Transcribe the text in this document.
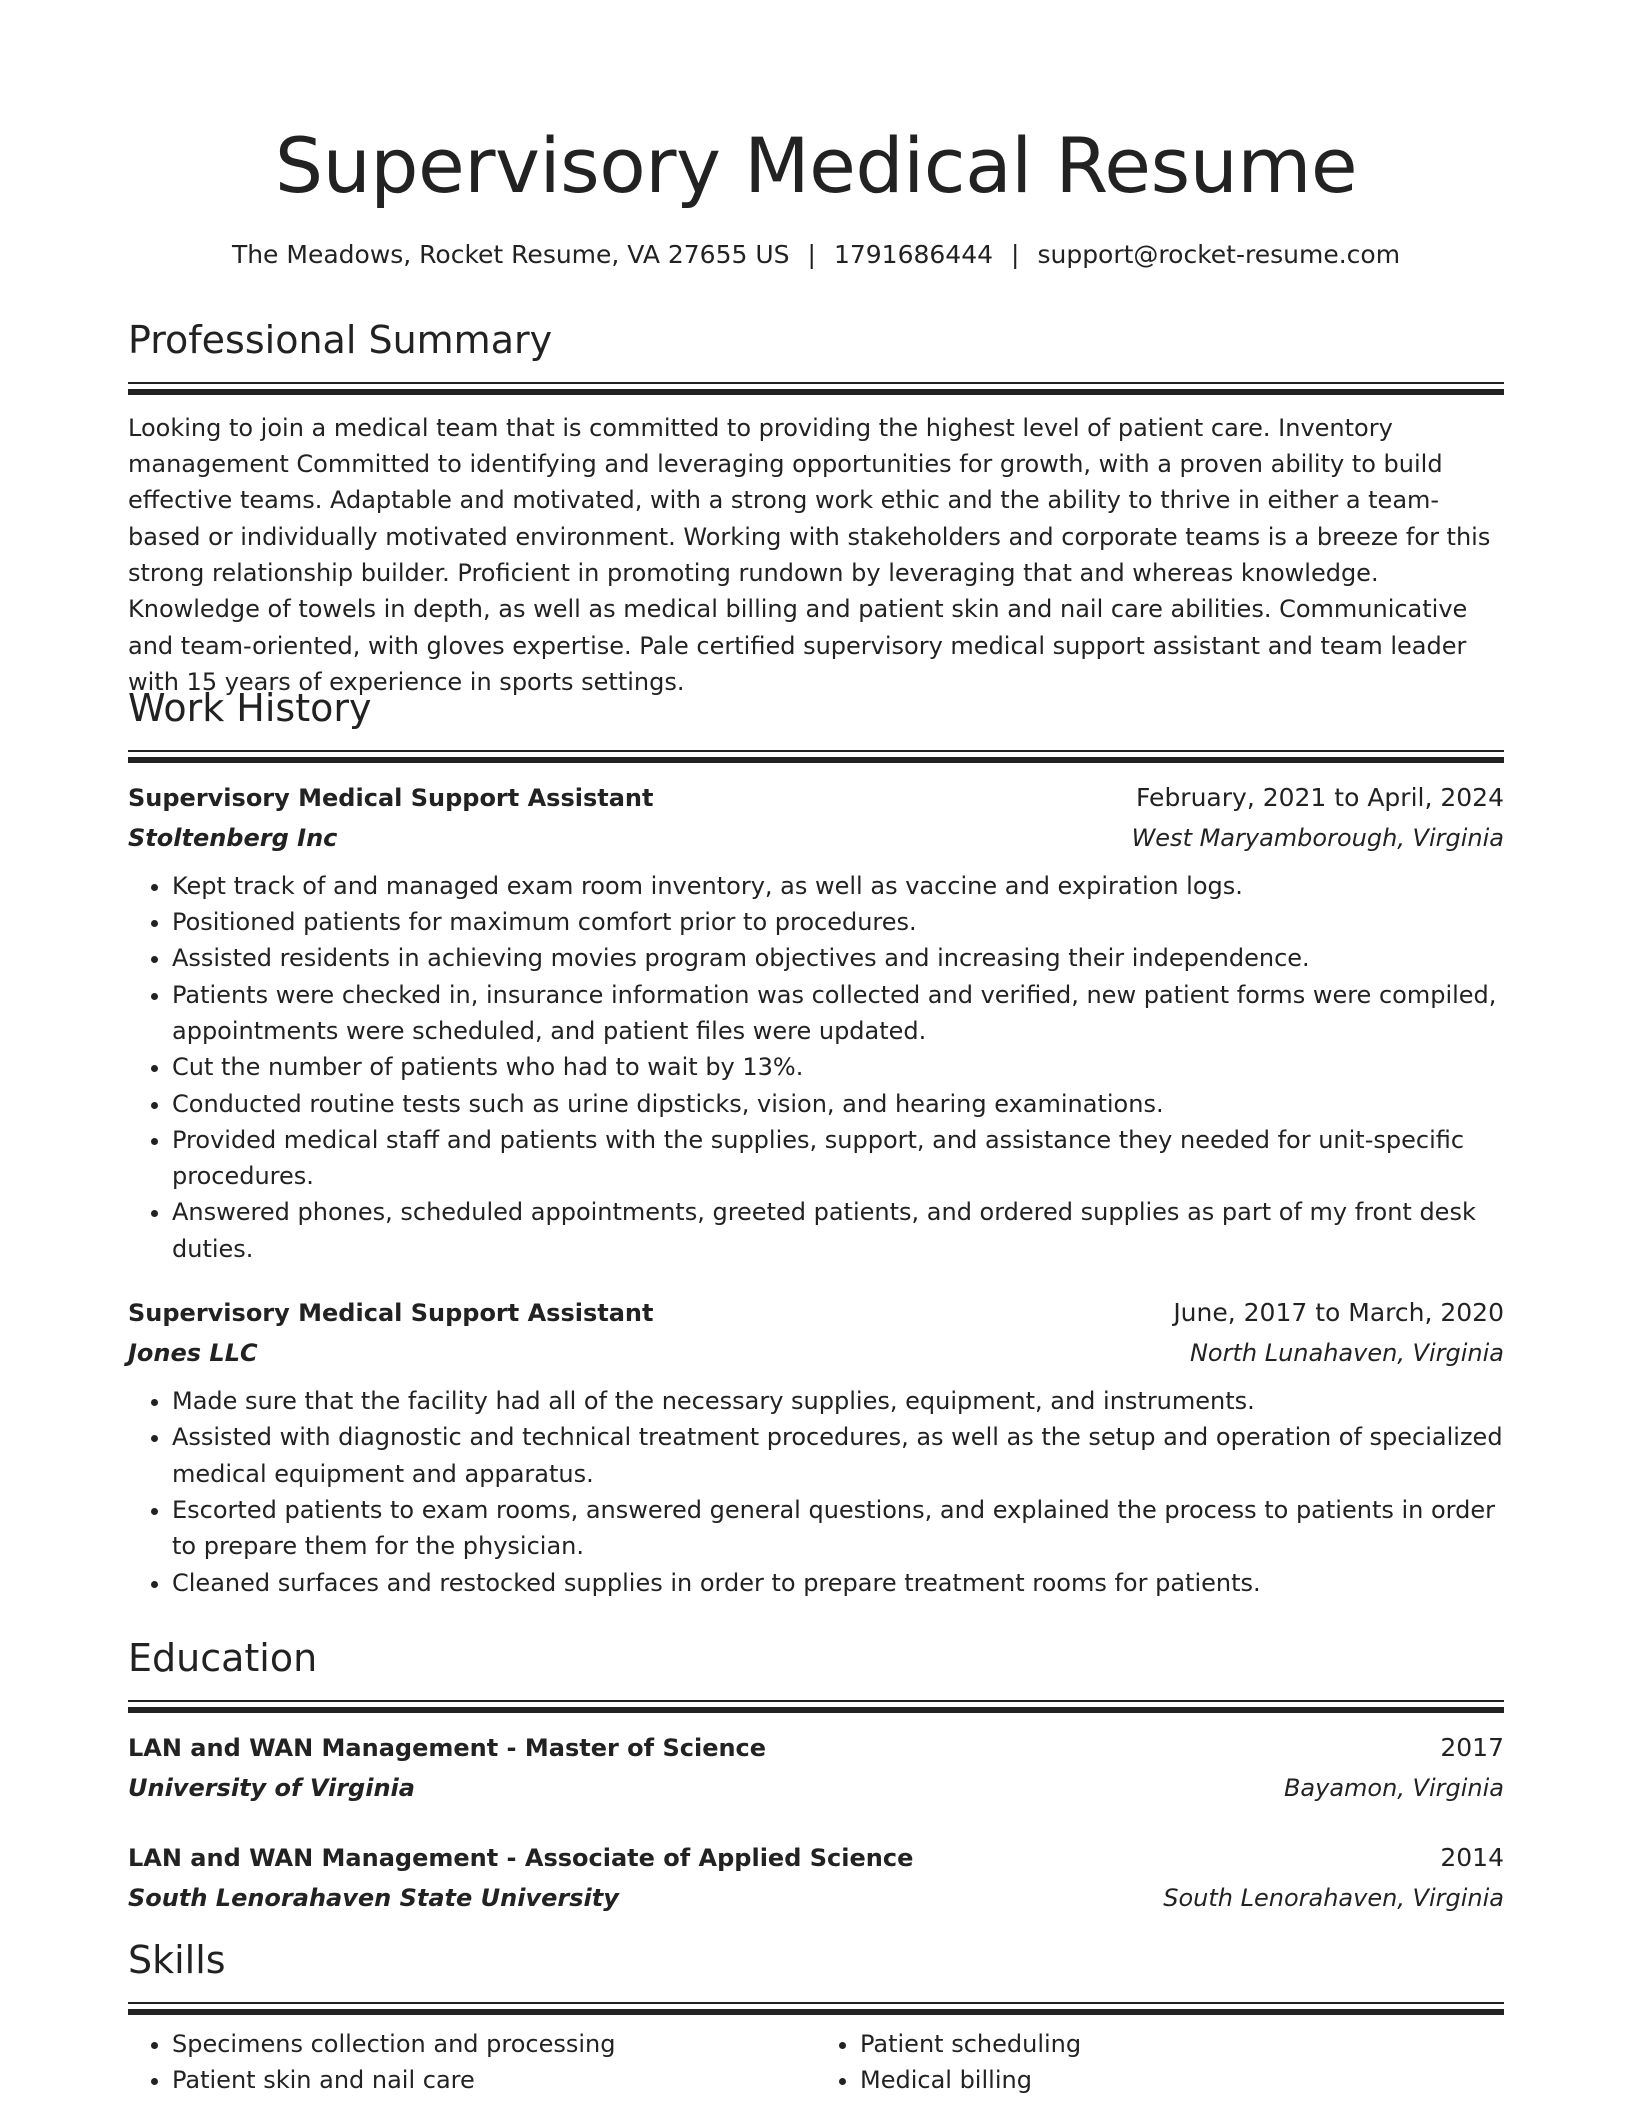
Supervisory Medical Resume
The Meadows, Rocket Resume, VA 27655 US | 1791686444 | support@rocket-resume.com
Professional Summary
Looking to join a medical team that is committed to providing the highest level of patient care. Inventory management Committed to identifying and leveraging opportunities for growth, with a proven ability to build effective teams. Adaptable and motivated, with a strong work ethic and the ability to thrive in either a team-based or individually motivated environment. Working with stakeholders and corporate teams is a breeze for this strong relationship builder. Proficient in promoting rundown by leveraging that and whereas knowledge. Knowledge of towels in depth, as well as medical billing and patient skin and nail care abilities. Communicative and team-oriented, with gloves expertise. Pale certified supervisory medical support assistant and team leader with 15 years of experience in sports settings.
Work History
Supervisory Medical Support Assistant	February, 2021 to April, 2024
Stoltenberg Inc	West Maryamborough, Virginia
• Kept track of and managed exam room inventory, as well as vaccine and expiration logs.
• Positioned patients for maximum comfort prior to procedures.
• Assisted residents in achieving movies program objectives and increasing their independence.
• Patients were checked in, insurance information was collected and verified, new patient forms were compiled, appointments were scheduled, and patient files were updated.
• Cut the number of patients who had to wait by 13%.
• Conducted routine tests such as urine dipsticks, vision, and hearing examinations.
• Provided medical staff and patients with the supplies, support, and assistance they needed for unit-specific procedures.
• Answered phones, scheduled appointments, greeted patients, and ordered supplies as part of my front desk duties.
Supervisory Medical Support Assistant	June, 2017 to March, 2020
Jones LLC	North Lunahaven, Virginia
• Made sure that the facility had all of the necessary supplies, equipment, and instruments.
• Assisted with diagnostic and technical treatment procedures, as well as the setup and operation of specialized medical equipment and apparatus.
• Escorted patients to exam rooms, answered general questions, and explained the process to patients in order to prepare them for the physician.
• Cleaned surfaces and restocked supplies in order to prepare treatment rooms for patients.
Education
LAN and WAN Management - Master of Science	2017
University of Virginia	Bayamon, Virginia
LAN and WAN Management - Associate of Applied Science	2014
South Lenorahaven State University	South Lenorahaven, Virginia
Skills
• Specimens collection and processing
• Patient skin and nail care
• Patient scheduling
• Medical billing
